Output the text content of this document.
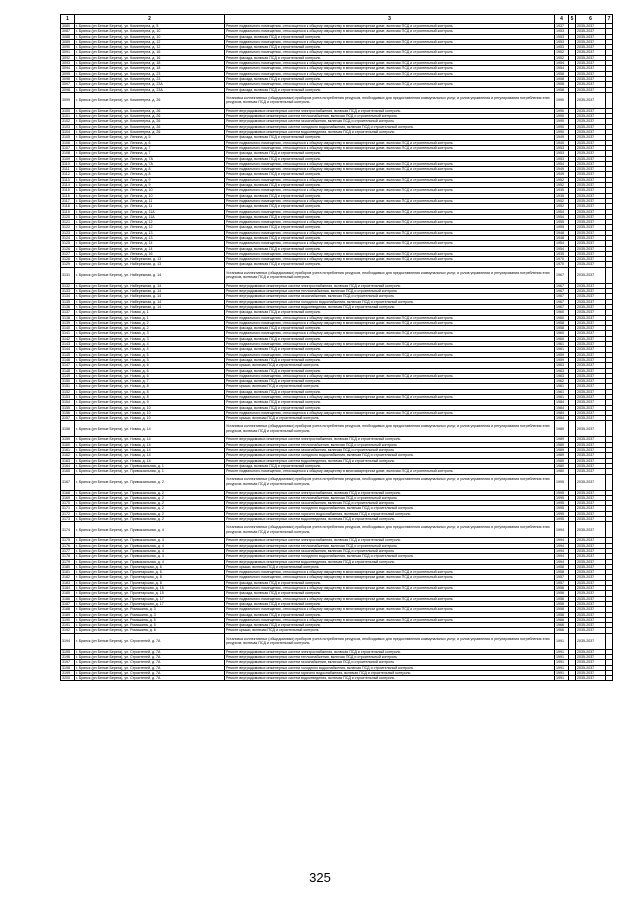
1	2	3	4	5	6	7
3080	г. Брянск (рп Белые Берега), ул. Коминтерна, д. 5	Ремонт подвального помещения, относящегося к общему имуществу в многоквартирном доме, включая ПСД и строительный контроль	1937		2035-2037	
3087	г. Брянск (рп Белые Берега), ул. Коминтерна, д. 10	Ремонт подвального помещения, относящегося к общему имуществу в многоквартирном доме, включая ПСД и строительный контроль	1953		2035-2037	
3088	г. Брянск (рп Белые Берега), ул. Коминтерна, д. 10	Ремонт фасада, включая ПСД и строительный контроль	1953		2035-2037	
3089	г. Брянск (рп Белые Берега), ул. Коминтерна, д. 12	Ремонт подвального помещения, относящегося к общему имуществу в многоквартирном доме, включая ПСД и строительный контроль	1953		2035-2037	
3090	г. Брянск (рп Белые Берега), ул. Коминтерна, д. 12	Ремонт фасада, включая ПСД и строительный контроль	1953		2035-2037	
3091	г. Брянск (рп Белые Берега), ул. Коминтерна, д. 16	Ремонт подвального помещения, относящегося к общему имуществу в многоквартирном доме, включая ПСД и строительный контроль	1952		2035-2037	
3092	г. Брянск (рп Белые Берега), ул. Коминтерна, д. 16	Ремонт фасада, включая ПСД и строительный контроль	1952		2035-2037	
3093	г. Брянск (рп Белые Берега), ул. Коминтерна, д. 18	Ремонт подвального помещения, относящегося к общему имуществу в многоквартирном доме, включая ПСД и строительный контроль	1954		2035-2037	
3094	г. Брянск (рп Белые Берега), ул. Коминтерна, д. 18	Ремонт подвального помещения, относящегося к общему имуществу в многоквартирном доме, включая ПСД и строительный контроль	1954		2035-2037	
3095	г. Брянск (рп Белые Берега), ул. Коминтерна, д. 23	Ремонт подвального помещения, относящегося к общему имуществу в многоквартирном доме, включая ПСД и строительный контроль	1958		2035-2037	
3096	г. Брянск (рп Белые Берега), ул. Коминтерна, д. 23	Ремонт фасада, включая ПСД и строительный контроль	1958		2035-2037	
3097	г. Брянск (рп Белые Берега), ул. Коминтерна, д. 23А	Ремонт подвального помещения, относящегося к общему имуществу в многоквартирном доме, включая ПСД и строительный контроль	1958		2035-2037	
3098	г. Брянск (рп Белые Берега), ул. Коминтерна, д. 23А	Ремонт фасада, включая ПСД и строительный контроль	1958		2035-2037	
3099	г. Брянск (рп Белые Берега), ул. Коминтерна, д. 26	Установка коллективных (общедомовых) приборов учета потребления ресурсов, необходимых для предоставления коммунальных услуг, и узлов управления и регулирования потребления этих ресурсов, включая ПСД и строительный контроль	1990		2035-2037	
3100	г. Брянск (рп Белые Берега), ул. Коминтерна, д. 26	Ремонт внутридомовых инженерных систем электроснабжения, включая ПСД и строительный контроль	1990		2035-2037	
3101	г. Брянск (рп Белые Берега), ул. Коминтерна, д. 26	Ремонт внутридомовых инженерных систем теплоснабжения, включая ПСД и строительный контроль	1990		2035-2037	
3102	г. Брянск (рп Белые Берега), ул. Коминтерна, д. 26	Ремонт внутридомовых инженерных систем газоснабжения, включая ПСД и строительный контроль	1990		2035-2037	
3103	г. Брянск (рп Белые Берега), ул. Коминтерна, д. 26	Ремонт внутридомовых инженерных систем холодного водоснабжения, включая ПСД и строительный контроль	1990		2035-2037	
3104	г. Брянск (рп Белые Берега), ул. Коминтерна, д. 26	Ремонт внутридомовых инженерных систем водоотведения, включая ПСД и строительный контроль	1990		2035-2037	
3105	г. Брянск (рп Белые Берега), ул. Ленина, д. 5	Ремонт фасада, включая ПСД и строительный контроль	1949		2035-2037	
3106	г. Брянск (рп Белые Берега), ул. Ленина, д. 6	Ремонт подвального помещения, относящегося к общему имуществу в многоквартирном доме, включая ПСД и строительный контроль	1940		2035-2037	
3107	г. Брянск (рп Белые Берега), ул. Ленина, д. 7	Ремонт подвального помещения, относящегося к общему имуществу в многоквартирном доме, включая ПСД и строительный контроль	1953		2035-2037	
3108	г. Брянск (рп Белые Берега), ул. Ленина, д. 7	Ремонт фасада, включая ПСД и строительный контроль	1953		2035-2037	
3109	г. Брянск (рп Белые Берега), ул. Ленина, д. 7А	Ремонт фасада, включая ПСД и строительный контроль	1953		2035-2037	
3110	г. Брянск (рп Белые Берега), ул. Ленина, д. 7А	Ремонт подвального помещения, относящегося к общему имуществу в многоквартирном доме, включая ПСД и строительный контроль	1954		2035-2037	
3111	г. Брянск (рп Белые Берега), ул. Ленина, д. 8	Ремонт подвального помещения, относящегося к общему имуществу в многоквартирном доме, включая ПСД и строительный контроль	1949		2035-2037	
3112	г. Брянск (рп Белые Берега), ул. Ленина, д. 8	Ремонт фасада, включая ПСД и строительный контроль	1949		2035-2037	
3113	г. Брянск (рп Белые Берега), ул. Ленина, д. 9	Ремонт подвального помещения, относящегося к общему имуществу в многоквартирном доме, включая ПСД и строительный контроль	1952		2035-2037	
3114	г. Брянск (рп Белые Берега), ул. Ленина, д. 9	Ремонт фасада, включая ПСД и строительный контроль	1952		2035-2037	
3115	г. Брянск (рп Белые Берега), ул. Ленина, д. 10	Ремонт подвального помещения, относящегося к общему имуществу в многоквартирном доме, включая ПСД и строительный контроль	1935		2035-2037	
3116	г. Брянск (рп Белые Берега), ул. Ленина, д. 10	Ремонт фасада, включая ПСД и строительный контроль	1935		2035-2037	
3117	г. Брянск (рп Белые Берега), ул. Ленина, д. 11	Ремонт подвального помещения, относящегося к общему имуществу в многоквартирном доме, включая ПСД и строительный контроль	1952		2035-2037	
3118	г. Брянск (рп Белые Берега), ул. Ленина, д. 11	Ремонт фасада, включая ПСД и строительный контроль	1952		2035-2037	
3119	г. Брянск (рп Белые Берега), ул. Ленина, д. 11А	Ремонт подвального помещения, относящегося к общему имуществу в многоквартирном доме, включая ПСД и строительный контроль	1954		2035-2037	
3120	г. Брянск (рп Белые Берега), ул. Ленина, д. 11А	Ремонт фасада, включая ПСД и строительный контроль	1954		2035-2037	
3121	г. Брянск (рп Белые Берега), ул. Ленина, д. 12	Ремонт подвального помещения, относящегося к общему имуществу в многоквартирном доме, включая ПСД и строительный контроль	1955		2035-2037	
3122	г. Брянск (рп Белые Берега), ул. Ленина, д. 12	Ремонт фасада, включая ПСД и строительный контроль	1955		2035-2037	
3123	г. Брянск (рп Белые Берега), ул. Ленина, д. 13	Ремонт подвального помещения, относящегося к общему имуществу в многоквартирном доме, включая ПСД и строительный контроль	1948		2035-2037	
3124	г. Брянск (рп Белые Берега), ул. Ленина, д. 13	Ремонт фасада, включая ПСД и строительный контроль	1948		2035-2037	
3125	г. Брянск (рп Белые Берега), ул. Ленина, д. 14	Ремонт подвального помещения, относящегося к общему имуществу в многоквартирном доме, включая ПСД и строительный контроль	1954		2035-2037	
3126	г. Брянск (рп Белые Берега), ул. Ленина, д. 14	Ремонт фасада, включая ПСД и строительный контроль	1954		2035-2037	
3127	г. Брянск (рп Белые Берега), ул. Ленина, д. 16	Ремонт подвального помещения, относящегося к общему имуществу в многоквартирном доме, включая ПСД и строительный контроль	1935		2035-2037	
3128	г. Брянск (рп Белые Берега), ул. Набережная, д. 13	Ремонт подвального помещения, относящегося к общему имуществу в многоквартирном доме, включая ПСД и строительный контроль	1970		2035-2037	
3129	г. Брянск (рп Белые Берега), ул. Набережная, д. 13	Ремонт фасада, включая ПСД и строительный контроль	1970		2035-2037	
3131	г. Брянск (рп Белые Берега), ул. Набережная, д. 14	Установка коллективных (общедомовых) приборов учета потребления ресурсов, необходимых для предоставления коммунальных услуг, и узлов управления и регулирования потребления этих ресурсов, включая ПСД и строительный контроль	1967		2035-2037	
3132	г. Брянск (рп Белые Берега), ул. Набережная, д. 14	Ремонт внутридомовых инженерных систем электроснабжения, включая ПСД и строительный контроль	1967		2035-2037	
3133	г. Брянск (рп Белые Берега), ул. Набережная, д. 14	Ремонт внутридомовых инженерных систем теплоснабжения, включая ПСД и строительный контроль	1967		2035-2037	
3134	г. Брянск (рп Белые Берега), ул. Набережная, д. 14	Ремонт внутридомовых инженерных систем газоснабжения, включая ПСД и строительный контроль	1967		2035-2037	
3135	г. Брянск (рп Белые Берега), ул. Набережная, д. 14	Ремонт внутридомовых инженерных систем холодного водоснабжения, включая ПСД и строительный контроль	1967		2035-2037	
3136	г. Брянск (рп Белые Берега), ул. Набережная, д. 14	Ремонт внутридомовых инженерных систем водоотведения, включая ПСД и строительный контроль	1967		2035-2037	
3137	г. Брянск (рп Белые Берега), ул. Новая, д. 1	Ремонт фасада, включая ПСД и строительный контроль	1960		2035-2037	
3138	г. Брянск (рп Белые Берега), ул. Новая, д. 1	Ремонт подвального помещения, относящегося к общему имуществу в многоквартирном доме, включая ПСД и строительный контроль	1960		2035-2037	
3139	г. Брянск (рп Белые Берега), ул. Новая, д. 2	Ремонт подвального помещения, относящегося к общему имуществу в многоквартирном доме, включая ПСД и строительный контроль	1958		2035-2037	
3140	г. Брянск (рп Белые Берега), ул. Новая, д. 2	Ремонт фасада, включая ПСД и строительный контроль	1958		2035-2037	
3141	г. Брянск (рп Белые Берега), ул. Новая, д. 3	Ремонт подвального помещения, относящегося к общему имуществу в многоквартирном доме, включая ПСД и строительный контроль	1960		2035-2037	
3142	г. Брянск (рп Белые Берега), ул. Новая, д. 3	Ремонт фасада, включая ПСД и строительный контроль	1960		2035-2037	
3143	г. Брянск (рп Белые Берега), ул. Новая, д. 4	Ремонт подвального помещения, относящегося к общему имуществу в многоквартирном доме, включая ПСД и строительный контроль	1961		2035-2037	
3144	г. Брянск (рп Белые Берега), ул. Новая, д. 4	Ремонт фасада, включая ПСД и строительный контроль	1961		2035-2037	
3145	г. Брянск (рп Белые Берега), ул. Новая, д. 5	Ремонт подвального помещения, относящегося к общему имуществу в многоквартирном доме, включая ПСД и строительный контроль	1959		2035-2037	
3146	г. Брянск (рп Белые Берега), ул. Новая, д. 5	Ремонт фасада, включая ПСД и строительный контроль	1959		2035-2037	
3147	г. Брянск (рп Белые Берега), ул. Новая, д. 6	Ремонт крыши, включая ПСД и строительный контроль	1963		2035-2037	
3148	г. Брянск (рп Белые Берега), ул. Новая, д. 6	Ремонт фасада, включая ПСД и строительный контроль	1963		2035-2037	
3149	г. Брянск (рп Белые Берега), ул. Новая, д. 6	Ремонт подвального помещения, относящегося к общему имуществу в многоквартирном доме, включая ПСД и строительный контроль	1963		2035-2037	
3150	г. Брянск (рп Белые Берега), ул. Новая, д. 7	Ремонт фасада, включая ПСД и строительный контроль	1962		2035-2037	
3151	г. Брянск (рп Белые Берега), ул. Новая, д. 8	Ремонт крыши, включая ПСД и строительный контроль	1961		2035-2037	
3152	г. Брянск (рп Белые Берега), ул. Новая, д. 8	Ремонт фасада, включая ПСД и строительный контроль	1961		2035-2037	
3153	г. Брянск (рп Белые Берега), ул. Новая, д. 8	Ремонт подвального помещения, относящегося к общему имуществу в многоквартирном доме, включая ПСД и строительный контроль	1961		2035-2037	
3154	г. Брянск (рп Белые Берега), ул. Новая, д. 9	Ремонт фасада, включая ПСД и строительный контроль	1984		2035-2037	
3155	г. Брянск (рп Белые Берега), ул. Новая, д. 10	Ремонт фасада, включая ПСД и строительный контроль	1984		2035-2037	
3156	г. Брянск (рп Белые Берега), ул. Новая, д. 10	Ремонт подвального помещения, относящегося к общему имуществу в многоквартирном доме, включая ПСД и строительный контроль	1984		2035-2037	
3157	г. Брянск (рп Белые Берега), ул. Новая, д. 10	Ремонт крыши, включая ПСД и строительный контроль	1984		2035-2037	
3158	г. Брянск (рп Белые Берега), ул. Новая, д. 14	Установка коллективных (общедомовых) приборов учета потребления ресурсов, необходимых для предоставления коммунальных услуг, и узлов управления и регулирования потребления этих ресурсов, включая ПСД и строительный контроль	1989		2035-2037	
3159	г. Брянск (рп Белые Берега), ул. Новая, д. 14	Ремонт внутридомовых инженерных систем электроснабжения, включая ПСД и строительный контроль	1989		2035-2037	
3160	г. Брянск (рп Белые Берега), ул. Новая, д. 14	Ремонт внутридомовых инженерных систем теплоснабжения, включая ПСД и строительный контроль	1989		2035-2037	
3161	г. Брянск (рп Белые Берега), ул. Новая, д. 14	Ремонт внутридомовых инженерных систем газоснабжения, включая ПСД и строительный контроль	1989		2035-2037	
3162	г. Брянск (рп Белые Берега), ул. Новая, д. 14	Ремонт внутридомовых инженерных систем холодного водоснабжения, включая ПСД и строительный контроль	1989		2035-2037	
3163	г. Брянск (рп Белые Берега), ул. Новая, д. 14	Ремонт внутридомовых инженерных систем водоотведения, включая ПСД и строительный контроль	1989		2035-2037	
3164	г. Брянск (рп Белые Берега), ул. Привокзальная, д. 1	Ремонт фасада, включая ПСД и строительный контроль	1980		2035-2037	
3165	г. Брянск (рп Белые Берега), ул. Привокзальная, д. 1	Ремонт подвального помещения, относящегося к общему имуществу в многоквартирном доме, включая ПСД и строительный контроль	1980		2035-2037	
3167	г. Брянск (рп Белые Берега), ул. Привокзальная, д. 2	Установка коллективных (общедомовых) приборов учета потребления ресурсов, необходимых для предоставления коммунальных услуг, и узлов управления и регулирования потребления этих ресурсов, включая ПСД и строительный контроль	1995		2035-2037	
3168	г. Брянск (рп Белые Берега), ул. Привокзальная, д. 2	Ремонт внутридомовых инженерных систем электроснабжения, включая ПСД и строительный контроль	1995		2035-2037	
3169	г. Брянск (рп Белые Берега), ул. Привокзальная, д. 2	Ремонт внутридомовых инженерных систем теплоснабжения, включая ПСД и строительный контроль	1995		2035-2037	
3170	г. Брянск (рп Белые Берега), ул. Привокзальная, д. 2	Ремонт внутридомовых инженерных систем газоснабжения, включая ПСД и строительный контроль	1995		2035-2037	
3171	г. Брянск (рп Белые Берега), ул. Привокзальная, д. 2	Ремонт внутридомовых инженерных систем холодного водоснабжения, включая ПСД и строительный контроль	1995		2035-2037	
3172	г. Брянск (рп Белые Берега), ул. Привокзальная, д. 2	Ремонт внутридомовых инженерных систем горячего водоснабжения, включая ПСД и строительный контроль	1995		2035-2037	
3173	г. Брянск (рп Белые Берега), ул. Привокзальная, д. 2	Ремонт внутридомовых инженерных систем водоотведения, включая ПСД и строительный контроль	1995		2035-2037	
3174	г. Брянск (рп Белые Берега), ул. Привокзальная, д. 4	Установка коллективных (общедомовых) приборов учета потребления ресурсов, необходимых для предоставления коммунальных услуг, и узлов управления и регулирования потребления этих ресурсов, включая ПСД и строительный контроль	1994		2035-2037	
3175	г. Брянск (рп Белые Берега), ул. Привокзальная, д. 4	Ремонт внутридомовых инженерных систем электроснабжения, включая ПСД и строительный контроль	1994		2035-2037	
3176	г. Брянск (рп Белые Берега), ул. Привокзальная, д. 4	Ремонт внутридомовых инженерных систем теплоснабжения, включая ПСД и строительный контроль	1994		2035-2037	
3177	г. Брянск (рп Белые Берега), ул. Привокзальная, д. 4	Ремонт внутридомовых инженерных систем газоснабжения, включая ПСД и строительный контроль	1994		2035-2037	
3178	г. Брянск (рп Белые Берега), ул. Привокзальная, д. 4	Ремонт внутридомовых инженерных систем холодного водоснабжения, включая ПСД и строительный контроль	1994		2035-2037	
3179	г. Брянск (рп Белые Берега), ул. Привокзальная, д. 4	Ремонт внутридомовых инженерных систем водоотведения, включая ПСД и строительный контроль	1994		2035-2037	
3180	г. Брянск (рп Белые Берега), ул. Пролетарская, д. 6	Ремонт крыши, включая ПСД и строительный контроль	1958		2035-2037	
3181	г. Брянск (рп Белые Берега), ул. Пролетарская, д. 6	Ремонт подвального помещения, относящегося к общему имуществу в многоквартирном доме, включая ПСД и строительный контроль	1958		2035-2037	
3182	г. Брянск (рп Белые Берега), ул. Пролетарская, д. 8	Ремонт подвального помещения, относящегося к общему имуществу в многоквартирном доме, включая ПСД и строительный контроль	1957		2035-2037	
3183	г. Брянск (рп Белые Берега), ул. Пролетарская, д. 8	Ремонт фасада, включая ПСД и строительный контроль	1957		2035-2037	
3184	г. Брянск (рп Белые Берега), ул. Пролетарская, д. 15	Ремонт подвального помещения, относящегося к общему имуществу в многоквартирном доме, включая ПСД и строительный контроль	1956		2035-2037	
3185	г. Брянск (рп Белые Берега), ул. Пролетарская, д. 15	Ремонт фасада, включая ПСД и строительный контроль	1956		2035-2037	
3186	г. Брянск (рп Белые Берега), ул. Пролетарская, д. 17	Ремонт подвального помещения, относящегося к общему имуществу в многоквартирном доме, включая ПСД и строительный контроль	1956		2035-2037	
3187	г. Брянск (рп Белые Берега), ул. Пролетарская, д. 17	Ремонт фасада, включая ПСД и строительный контроль	1956		2035-2037	
3188	г. Брянск (рп Белые Берега), ул. Ромашина, д. 3	Ремонт подвального помещения, относящегося к общему имуществу в многоквартирном доме, включая ПСД и строительный контроль	1958		2035-2037	
3189	г. Брянск (рп Белые Берега), ул. Ромашина, д. 3	Ремонт фасада, включая ПСД и строительный контроль	1958		2035-2037	
3190	г. Брянск (рп Белые Берега), ул. Ромашина, д. 5	Ремонт подвального помещения, относящегося к общему имуществу в многоквартирном доме, включая ПСД и строительный контроль	1966		2035-2037	
3191	г. Брянск (рп Белые Берега), ул. Ромашина, д. 5	Ремонт фасада, включая ПСД и строительный контроль	1966		2035-2037	
3192	г. Брянск (рп Белые Берега), ул. Ромашина, д. 6	Ремонт крыши, включая ПСД и строительный контроль	1966		2035-2037	
3194	г. Брянск (рп Белые Берега), ул. Строителей, д. 7А	Установка коллективных (общедомовых) приборов учета потребления ресурсов, необходимых для предоставления коммунальных услуг, и узлов управления и регулирования потребления этих ресурсов, включая ПСД и строительный контроль	1991		2035-2037	
3195	г. Брянск (рп Белые Берега), ул. Строителей, д. 7А	Ремонт внутридомовых инженерных систем электроснабжения, включая ПСД и строительный контроль	1991		2035-2037	
3196	г. Брянск (рп Белые Берега), ул. Строителей, д. 7А	Ремонт внутридомовых инженерных систем теплоснабжения, включая ПСД и строительный контроль	1991		2035-2037	
3197	г. Брянск (рп Белые Берега), ул. Строителей, д. 7А	Ремонт внутридомовых инженерных систем газоснабжения, включая ПСД и строительный контроль	1991		2035-2037	
3198	г. Брянск (рп Белые Берега), ул. Строителей, д. 7А	Ремонт внутридомовых инженерных систем холодного водоснабжения, включая ПСД и строительный контроль	1991		2035-2037	
3199	г. Брянск (рп Белые Берега), ул. Строителей, д. 7А	Ремонт внутридомовых инженерных систем горячего водоснабжения, включая ПСД и строительный контроль	1991		2035-2037	
3200	г. Брянск (рп Белые Берега), ул. Строителей, д. 7А	Ремонт внутридомовых инженерных систем водоотведения, включая ПСД и строительный контроль	1991		2035-2037	
325
